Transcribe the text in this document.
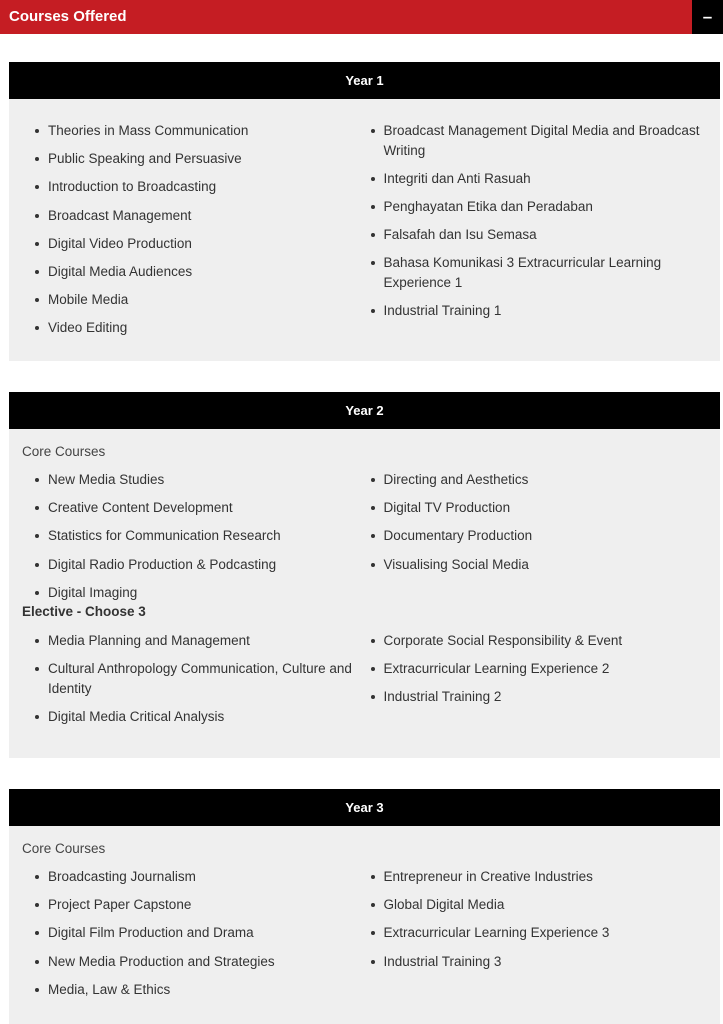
Courses Offered	–
Year 1
Theories in Mass Communication
Public Speaking and Persuasive
Introduction to Broadcasting
Broadcast Management
Digital Video Production
Digital Media Audiences
Mobile Media
Video Editing
Broadcast Management Digital Media and Broadcast Writing
Integriti dan Anti Rasuah
Penghayatan Etika dan Peradaban
Falsafah dan Isu Semasa
Bahasa Komunikasi 3 Extracurricular Learning Experience 1
Industrial Training 1
Year 2
Core Courses
New Media Studies
Creative Content Development
Statistics for Communication Research
Digital Radio Production & Podcasting
Digital Imaging
Directing and Aesthetics
Digital TV Production
Documentary Production
Visualising Social Media
Elective - Choose 3
Media Planning and Management
Cultural Anthropology Communication, Culture and Identity
Digital Media Critical Analysis
Corporate Social Responsibility & Event
Extracurricular Learning Experience 2
Industrial Training 2
Year 3
Core Courses
Broadcasting Journalism
Project Paper Capstone
Digital Film Production and Drama
New Media Production and Strategies
Media, Law & Ethics
Entrepreneur in Creative Industries
Global Digital Media
Extracurricular Learning Experience 3
Industrial Training 3
